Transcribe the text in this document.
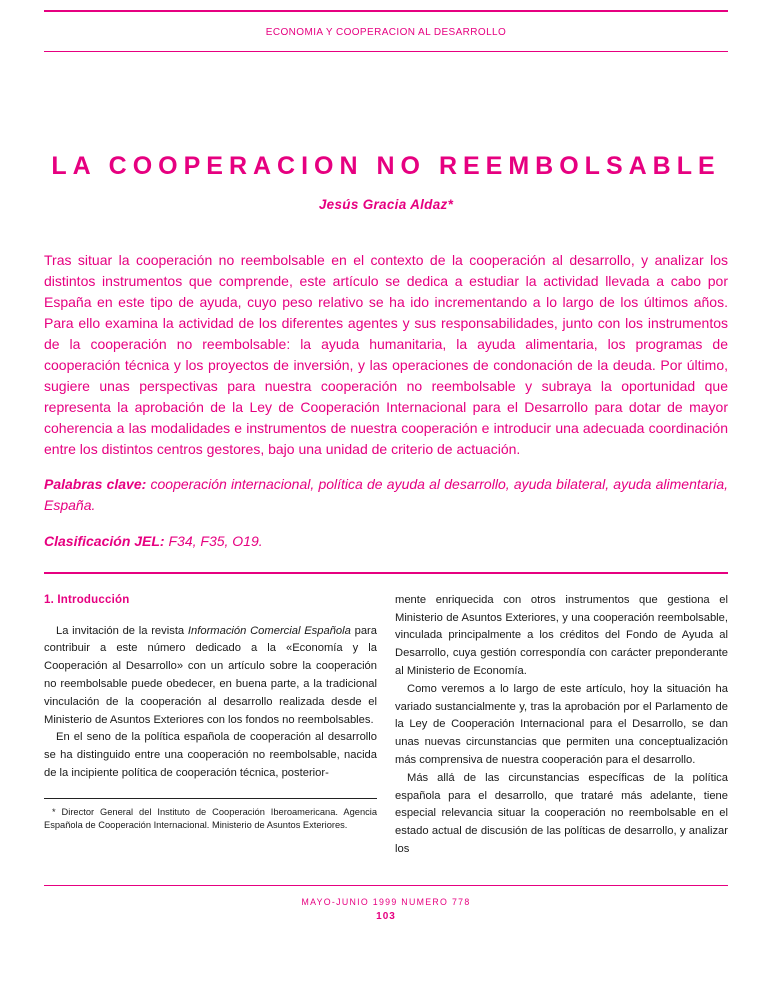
ECONOMIA Y COOPERACION AL DESARROLLO
LA COOPERACION NO REEMBOLSABLE
Jesús Gracia Aldaz*

Tras situar la cooperación no reembolsable en el contexto de la cooperación al desarrollo, y analizar los distintos instrumentos que comprende, este artículo se dedica a estudiar la actividad llevada a cabo por España en este tipo de ayuda, cuyo peso relativo se ha ido incrementando a lo largo de los últimos años. Para ello examina la actividad de los diferentes agentes y sus responsabilidades, junto con los instrumentos de la cooperación no reembolsable: la ayuda humanitaria, la ayuda alimentaria, los programas de cooperación técnica y los proyectos de inversión, y las operaciones de condonación de la deuda. Por último, sugiere unas perspectivas para nuestra cooperación no reembolsable y subraya la oportunidad que representa la aprobación de la Ley de Cooperación Internacional para el Desarrollo para dotar de mayor coherencia a las modalidades e instrumentos de nuestra cooperación e introducir una adecuada coordinación entre los distintos centros gestores, bajo una unidad de criterio de actuación.

Palabras clave: cooperación internacional, política de ayuda al desarrollo, ayuda bilateral, ayuda alimentaria, España.

Clasificación JEL: F34, F35, O19.

1. Introducción

La invitación de la revista Información Comercial Española para contribuir a este número dedicado a la «Economía y la Cooperación al Desarrollo» con un artículo sobre la cooperación no reembolsable puede obedecer, en buena parte, a la tradicional vinculación de la cooperación al desarrollo realizada desde el Ministerio de Asuntos Exteriores con los fondos no reembolsables.

En el seno de la política española de cooperación al desarrollo se ha distinguido entre una cooperación no reembolsable, nacida de la incipiente política de cooperación técnica, posterior-

* Director General del Instituto de Cooperación Iberoamericana. Agencia Española de Cooperación Internacional. Ministerio de Asuntos Exteriores.

mente enriquecida con otros instrumentos que gestiona el Ministerio de Asuntos Exteriores, y una cooperación reembolsable, vinculada principalmente a los créditos del Fondo de Ayuda al Desarrollo, cuya gestión correspondía con carácter preponderante al Ministerio de Economía.

Como veremos a lo largo de este artículo, hoy la situación ha variado sustancialmente y, tras la aprobación por el Parlamento de la Ley de Cooperación Internacional para el Desarrollo, se dan unas nuevas circunstancias que permiten una conceptualización más comprensiva de nuestra cooperación para el desarrollo.

Más allá de las circunstancias específicas de la política española para el desarrollo, que trataré más adelante, tiene especial relevancia situar la cooperación no reembolsable en el estado actual de discusión de las políticas de desarrollo, y analizar los

MAYO-JUNIO 1999 NUMERO 778
103
